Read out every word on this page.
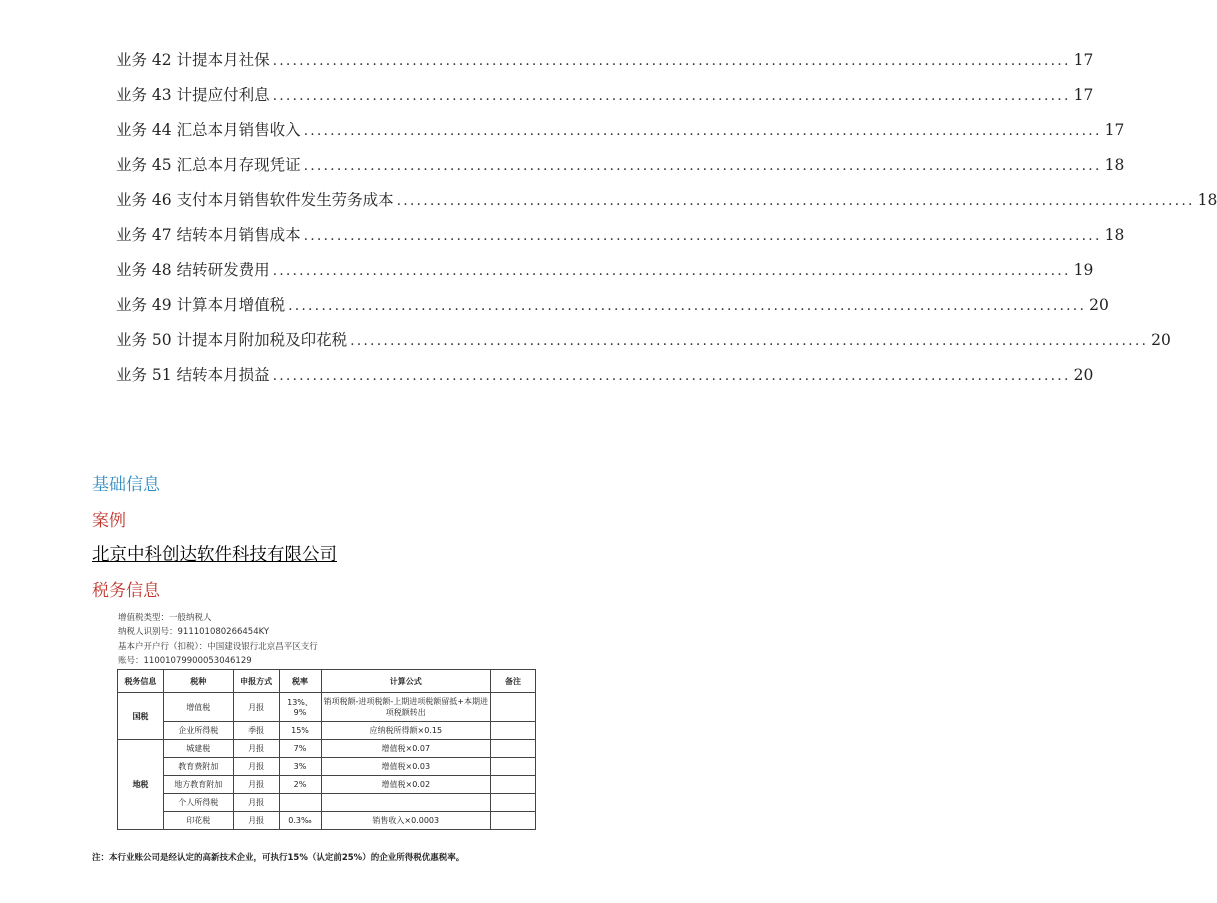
业务 42 计提本月社保 ........................................................................................................................ 17
业务 43 计提应付利息 ........................................................................................................................ 17
业务 44 汇总本月销售收入 ........................................................................................................................ 17
业务 45 汇总本月存现凭证 ........................................................................................................................ 18
业务 46 支付本月销售软件发生劳务成本 ........................................................................................................................ 18
业务 47 结转本月销售成本 ........................................................................................................................ 18
业务 48 结转研发费用 ........................................................................................................................ 19
业务 49 计算本月增值税 ........................................................................................................................ 20
业务 50 计提本月附加税及印花税 ........................................................................................................................ 20
业务 51 结转本月损益 ........................................................................................................................ 20
基础信息
案例
北京中科创达软件科技有限公司
税务信息
增值税类型：一般纳税人
纳税人识别号：911101080266454KY
基本户开户行（扣税）：中国建设银行北京昌平区支行
账号：11001079900053046129
税务信息	税种	申报方式	税率	计算公式	备注
国税	增值税	月报	13%、9%	销项税额-进项税额-上期进项税额留抵+本期进项税额转出	
	企业所得税	季报	15%	应纳税所得额×0.15	
地税	城建税	月报	7%	增值税×0.07	
	教育费附加	月报	3%	增值税×0.03	
	地方教育附加	月报	2%	增值税×0.02	
	个人所得税	月报			
	印花税	月报	0.3‰	销售收入×0.0003	
注：本行业账公司是经认定的高新技术企业，可执行15%（认定前25%）的企业所得税优惠税率。
